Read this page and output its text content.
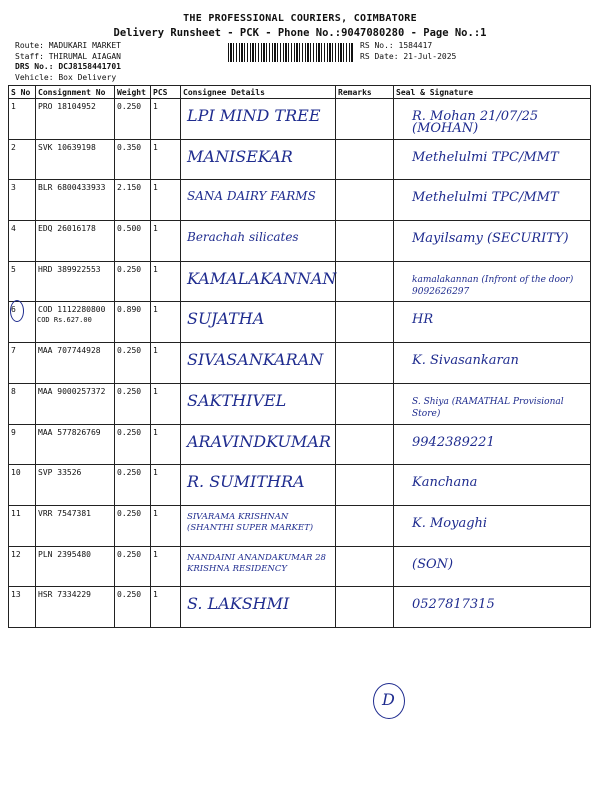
THE PROFESSIONAL COURIERS, COIMBATORE
Delivery Runsheet - PCK - Phone No.:9047080280 - Page No.:1
Route: MADUKARI MARKET
Staff: THIRUMAL AIAGAN
DRS No.: DCJ8158441701
Vehicle: Box Delivery
RS No.: 1584417
RS Date: 21-Jul-2025
S No	Consignment No	Weight	PCS	Consignee Details	Remarks	Seal & Signature
1	PRO 18104952	0.250	1	LPI MIND TREE		R. Mohan 21/07/25 (MOHAN)

2	SVK 10639198	0.350	1	MANISEKAR		Methelulmi TPC/MMT

3	BLR 6800433933	2.150	1	SANA DAIRY FARMS		Methelulmi TPC/MMT

4	EDQ 26016178	0.500	1	Berachah silicates		Mayilsamy (SECURITY)

5	HRD 389922553	0.250	1	KAMALAKANNAN		kamalakannan (Infront of the door) 9092626297

6	COD 1112280800
COD Rs.627.00	0.890	1	SUJATHA		HR

7	MAA 707744928	0.250	1	SIVASANKARAN		K. Sivasankaran

8	MAA 9000257372	0.250	1	SAKTHIVEL		S. Shiya (RAMATHAL Provisional Store)

9	MAA 577826769	0.250	1	ARAVINDKUMAR		9942389221

10	SVP 33526	0.250	1	R. SUMITHRA		Kanchana

11	VRR 7547381	0.250	1	SIVARAMA KRISHNAN (SHANTHI SUPER MARKET)		K. Moyaghi

12	PLN 2395480	0.250	1	NANDAINI ANANDAKUMAR 28 KRISHNA RESIDENCY		(SON)

13	HSR 7334229	0.250	1	S. LAKSHMI		0527817315
D
